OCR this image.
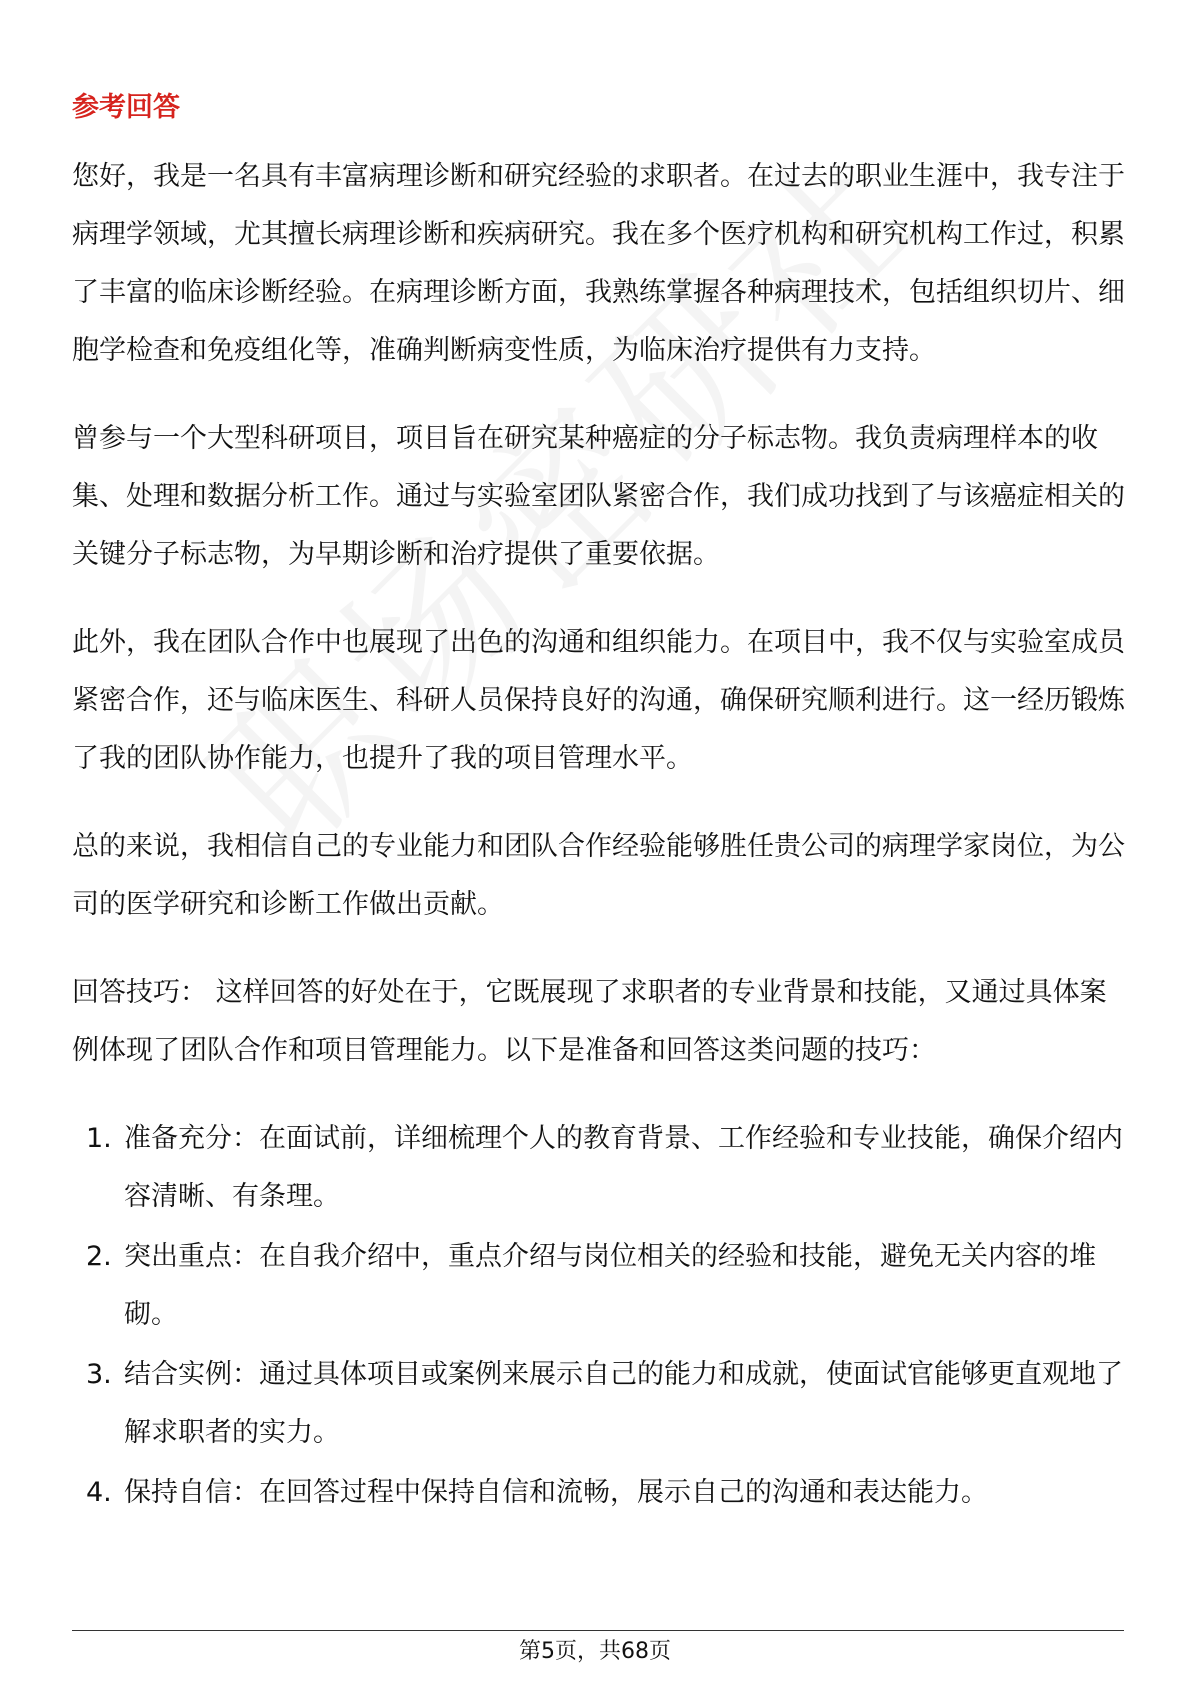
参考回答

您好，我是一名具有丰富病理诊断和研究经验的求职者。在过去的职业生涯中，我专注于病理学领域，尤其擅长病理诊断和疾病研究。我在多个医疗机构和研究机构工作过，积累了丰富的临床诊断经验。在病理诊断方面，我熟练掌握各种病理技术，包括组织切片、细胞学检查和免疫组化等，准确判断病变性质，为临床治疗提供有力支持。

曾参与一个大型科研项目，项目旨在研究某种癌症的分子标志物。我负责病理样本的收集、处理和数据分析工作。通过与实验室团队紧密合作，我们成功找到了与该癌症相关的关键分子标志物，为早期诊断和治疗提供了重要依据。

此外，我在团队合作中也展现了出色的沟通和组织能力。在项目中，我不仅与实验室成员紧密合作，还与临床医生、科研人员保持良好的沟通，确保研究顺利进行。这一经历锻炼了我的团队协作能力，也提升了我的项目管理水平。

总的来说，我相信自己的专业能力和团队合作经验能够胜任贵公司的病理学家岗位，为公司的医学研究和诊断工作做出贡献。

回答技巧： 这样回答的好处在于，它既展现了求职者的专业背景和技能，又通过具体案例体现了团队合作和项目管理能力。以下是准备和回答这类问题的技巧：

1. 准备充分：在面试前，详细梳理个人的教育背景、工作经验和专业技能，确保介绍内容清晰、有条理。
2. 突出重点：在自我介绍中，重点介绍与岗位相关的经验和技能，避免无关内容的堆砌。
3. 结合实例：通过具体项目或案例来展示自己的能力和成就，使面试官能够更直观地了解求职者的实力。
4. 保持自信：在回答过程中保持自信和流畅，展示自己的沟通和表达能力。
第5页，共68页
